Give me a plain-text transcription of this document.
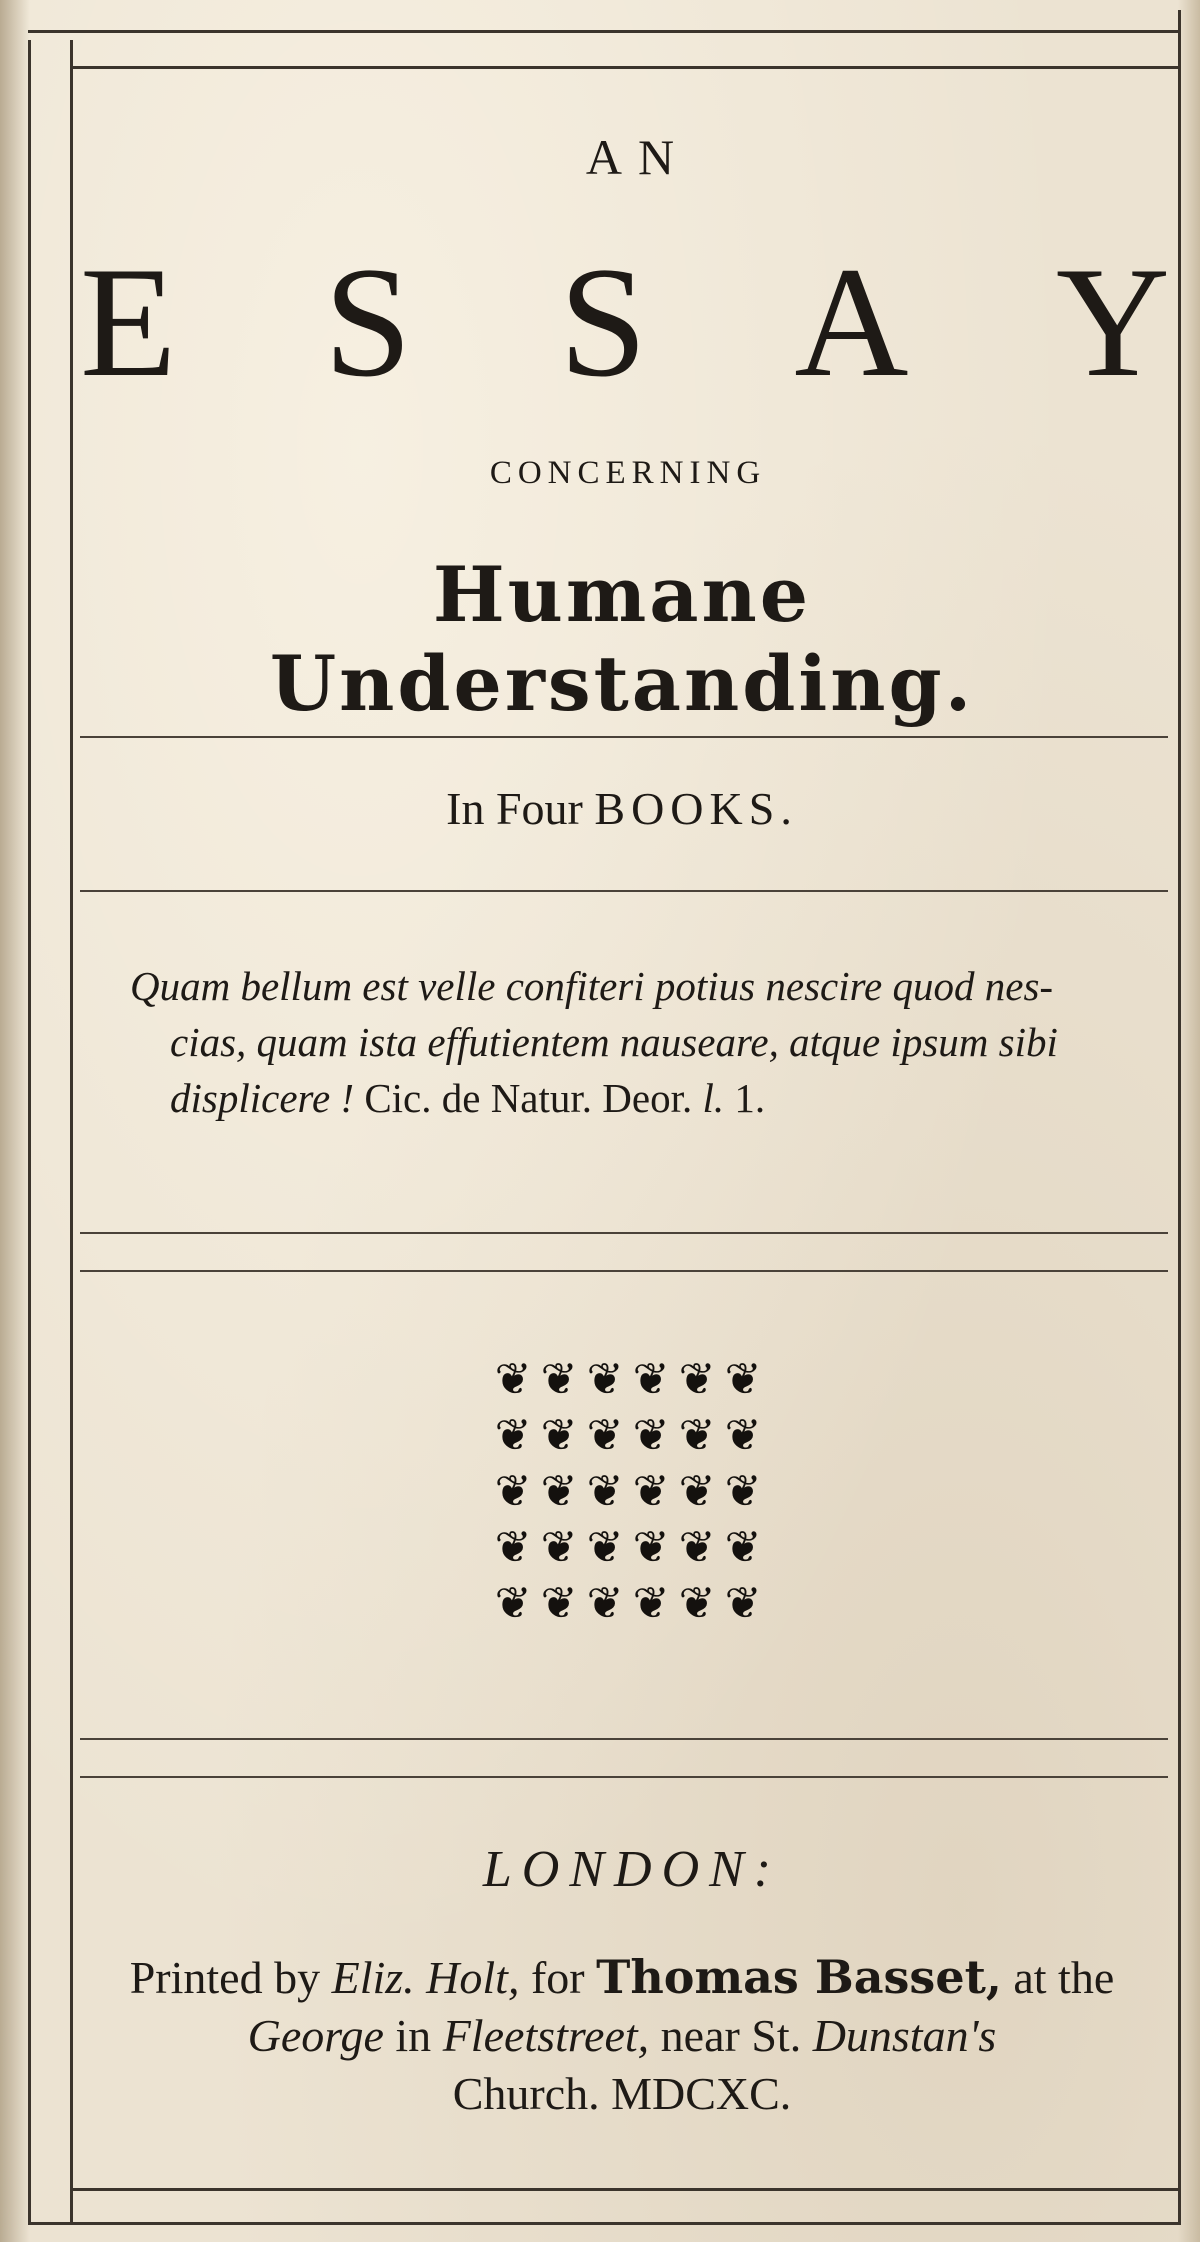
AN
E S S A Y
CONCERNING
Humane Understanding.
In Four BOOKS.
Quam bellum est velle confiteri potius nescire quod nes-
cias, quam ista effutientem nauseare, atque ipsum sibi
displicere ! Cic. de Natur. Deor. l. 1.
❦ ❦ ❦ ❦ ❦ ❦
❦ ❦ ❦ ❦ ❦ ❦
❦ ❦ ❦ ❦ ❦ ❦
❦ ❦ ❦ ❦ ❦ ❦
❦ ❦ ❦ ❦ ❦ ❦
LONDON:
Printed by Eliz. Holt, for Thomas Basset, at the
George in Fleetstreet, near St. Dunstan's
Church. MDCXC.
